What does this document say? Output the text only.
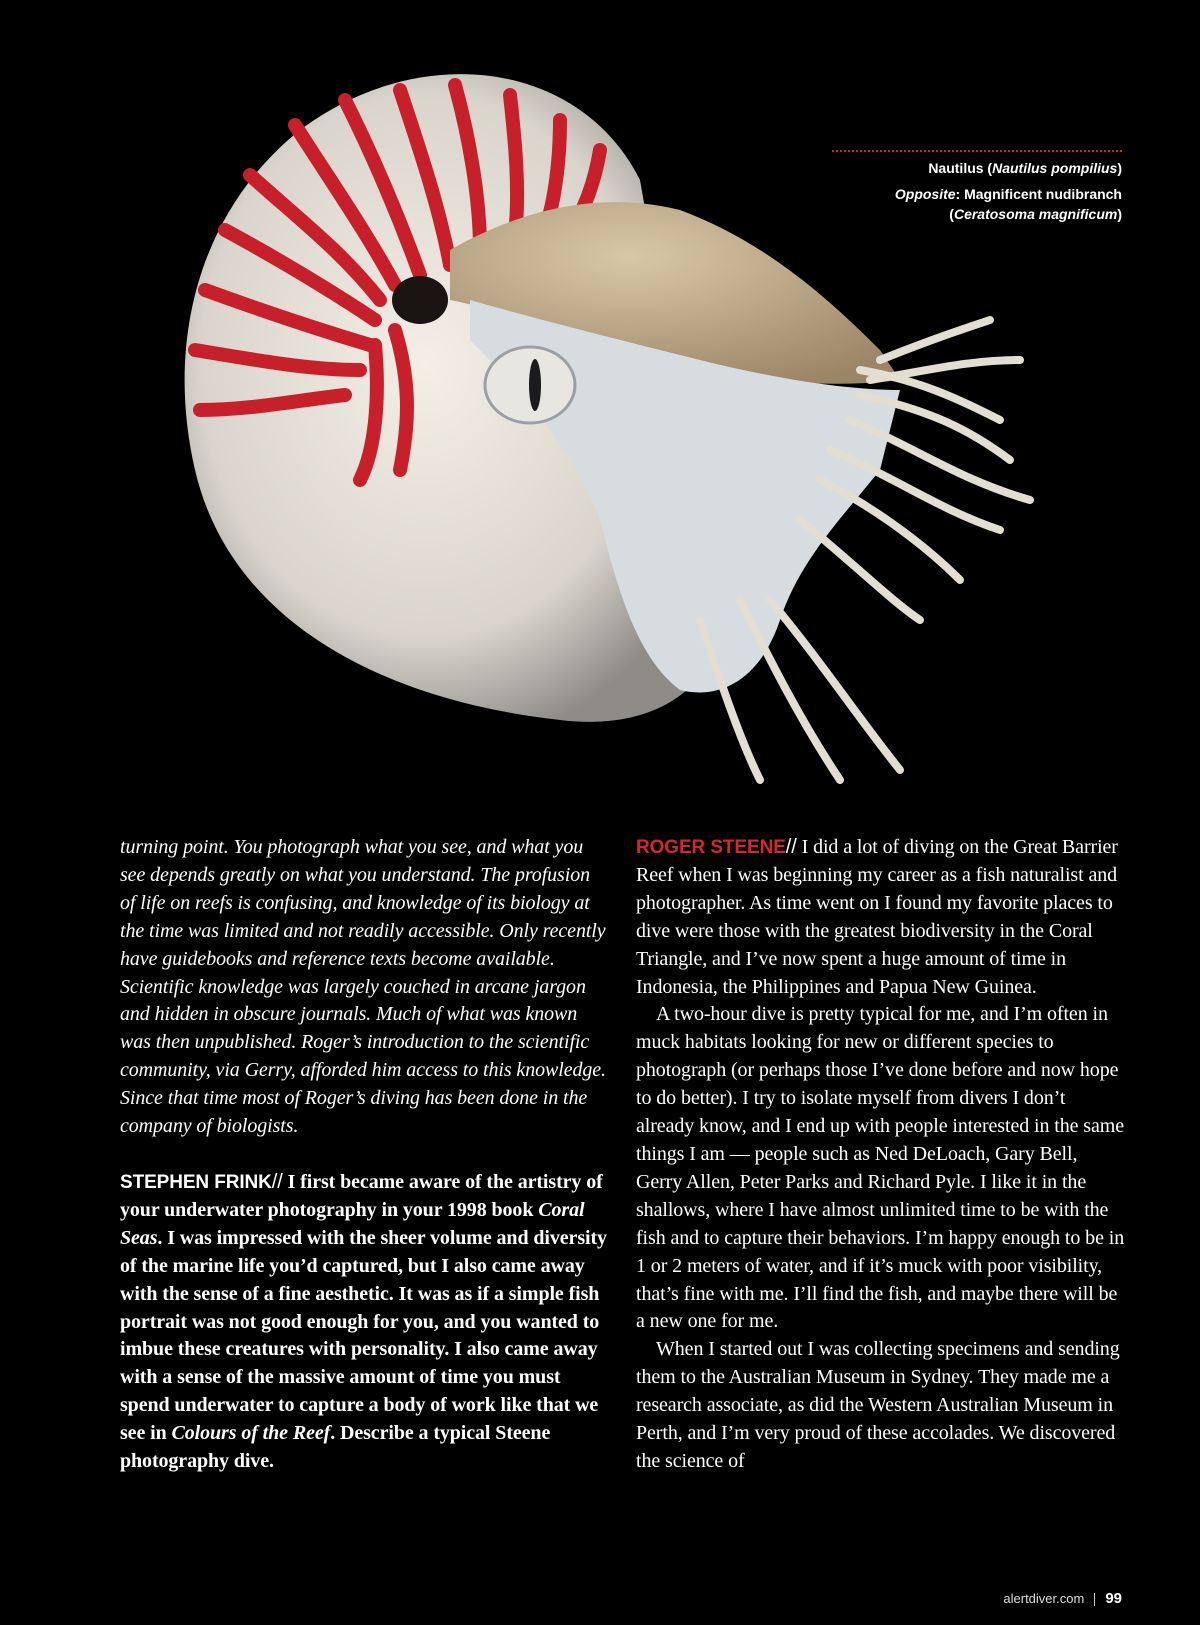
Nautilus (Nautilus pompilius)

Opposite: Magnificent nudibranch
(Ceratosoma magnificum)

turning point. You photograph what you see, and what you see depends greatly on what you understand. The profusion of life on reefs is confusing, and knowledge of its biology at the time was limited and not readily accessible. Only recently have guidebooks and reference texts become available. Scientific knowledge was largely couched in arcane jargon and hidden in obscure journals. Much of what was known was then unpublished. Roger’s introduction to the scientific community, via Gerry, afforded him access to this knowledge. Since that time most of Roger’s diving has been done in the company of biologists.

STEPHEN FRINK// I first became aware of the artistry of your underwater photography in your 1998 book Coral Seas. I was impressed with the sheer volume and diversity of the marine life you’d captured, but I also came away with the sense of a fine aesthetic. It was as if a simple fish portrait was not good enough for you, and you wanted to imbue these creatures with personality. I also came away with a sense of the massive amount of time you must spend underwater to capture a body of work like that we see in Colours of the Reef. Describe a typical Steene photography dive.

ROGER STEENE// I did a lot of diving on the Great Barrier Reef when I was beginning my career as a fish naturalist and photographer. As time went on I found my favorite places to dive were those with the greatest biodiversity in the Coral Triangle, and I’ve now spent a huge amount of time in Indonesia, the Philippines and Papua New Guinea.

A two-hour dive is pretty typical for me, and I’m often in muck habitats looking for new or different species to photograph (or perhaps those I’ve done before and now hope to do better). I try to isolate myself from divers I don’t already know, and I end up with people interested in the same things I am — people such as Ned DeLoach, Gary Bell, Gerry Allen, Peter Parks and Richard Pyle. I like it in the shallows, where I have almost unlimited time to be with the fish and to capture their behaviors. I’m happy enough to be in 1 or 2 meters of water, and if it’s muck with poor visibility, that’s fine with me. I’ll find the fish, and maybe there will be a new one for me.

When I started out I was collecting specimens and sending them to the Australian Museum in Sydney. They made me a research associate, as did the Western Australian Museum in Perth, and I’m very proud of these accolades. We discovered the science of

alertdiver.com 99
